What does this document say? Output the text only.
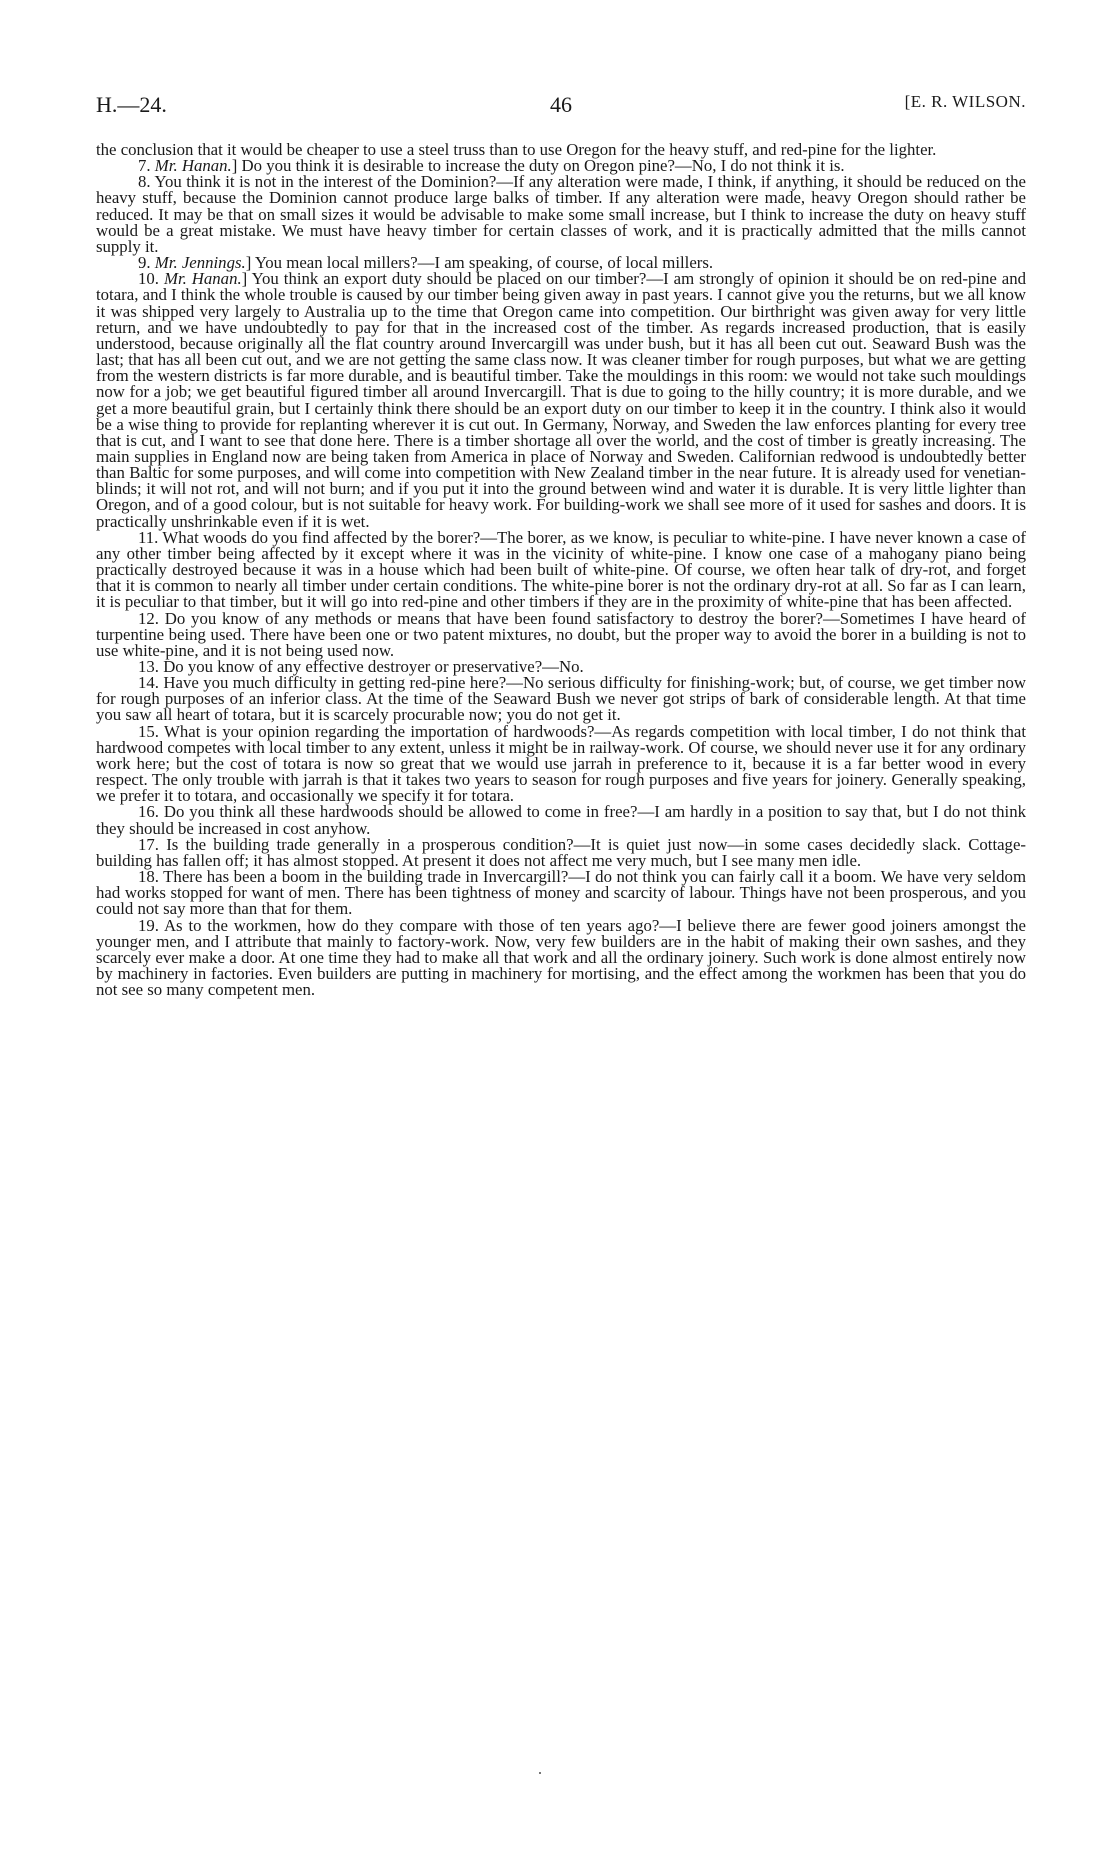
H.—24.	46	[E. R. WILSON.

the conclusion that it would be cheaper to use a steel truss than to use Oregon for the heavy stuff, and red-pine for the lighter.

7. Mr. Hanan.] Do you think it is desirable to increase the duty on Oregon pine?—No, I do not think it is.

8. You think it is not in the interest of the Dominion?—If any alteration were made, I think, if anything, it should be reduced on the heavy stuff, because the Dominion cannot produce large balks of timber. If any alteration were made, heavy Oregon should rather be reduced. It may be that on small sizes it would be advisable to make some small increase, but I think to increase the duty on heavy stuff would be a great mistake. We must have heavy timber for certain classes of work, and it is practically admitted that the mills cannot supply it.

9. Mr. Jennings.] You mean local millers?—I am speaking, of course, of local millers.

10. Mr. Hanan.] You think an export duty should be placed on our timber?—I am strongly of opinion it should be on red-pine and totara, and I think the whole trouble is caused by our timber being given away in past years. I cannot give you the returns, but we all know it was shipped very largely to Australia up to the time that Oregon came into competition. Our birthright was given away for very little return, and we have undoubtedly to pay for that in the increased cost of the timber. As regards increased production, that is easily understood, because originally all the flat country around Invercargill was under bush, but it has all been cut out. Seaward Bush was the last; that has all been cut out, and we are not getting the same class now. It was cleaner timber for rough purposes, but what we are getting from the western districts is far more durable, and is beautiful timber. Take the mouldings in this room: we would not take such mouldings now for a job; we get beautiful figured timber all around Invercargill. That is due to going to the hilly country; it is more durable, and we get a more beautiful grain, but I certainly think there should be an export duty on our timber to keep it in the country. I think also it would be a wise thing to provide for replanting wherever it is cut out. In Germany, Norway, and Sweden the law enforces planting for every tree that is cut, and I want to see that done here. There is a timber shortage all over the world, and the cost of timber is greatly increasing. The main supplies in England now are being taken from America in place of Norway and Sweden. Californian redwood is undoubtedly better than Baltic for some purposes, and will come into competition with New Zealand timber in the near future. It is already used for venetian-blinds; it will not rot, and will not burn; and if you put it into the ground between wind and water it is durable. It is very little lighter than Oregon, and of a good colour, but is not suitable for heavy work. For building-work we shall see more of it used for sashes and doors. It is practically unshrinkable even if it is wet.

11. What woods do you find affected by the borer?—The borer, as we know, is peculiar to white-pine. I have never known a case of any other timber being affected by it except where it was in the vicinity of white-pine. I know one case of a mahogany piano being practically destroyed because it was in a house which had been built of white-pine. Of course, we often hear talk of dry-rot, and forget that it is common to nearly all timber under certain conditions. The white-pine borer is not the ordinary dry-rot at all. So far as I can learn, it is peculiar to that timber, but it will go into red-pine and other timbers if they are in the proximity of white-pine that has been affected.

12. Do you know of any methods or means that have been found satisfactory to destroy the borer?—Sometimes I have heard of turpentine being used. There have been one or two patent mixtures, no doubt, but the proper way to avoid the borer in a building is not to use white-pine, and it is not being used now.

13. Do you know of any effective destroyer or preservative?—No.

14. Have you much difficulty in getting red-pine here?—No serious difficulty for finishing-work; but, of course, we get timber now for rough purposes of an inferior class. At the time of the Seaward Bush we never got strips of bark of considerable length. At that time you saw all heart of totara, but it is scarcely procurable now; you do not get it.

15. What is your opinion regarding the importation of hardwoods?—As regards competition with local timber, I do not think that hardwood competes with local timber to any extent, unless it might be in railway-work. Of course, we should never use it for any ordinary work here; but the cost of totara is now so great that we would use jarrah in preference to it, because it is a far better wood in every respect. The only trouble with jarrah is that it takes two years to season for rough purposes and five years for joinery. Generally speaking, we prefer it to totara, and occasionally we specify it for totara.

16. Do you think all these hardwoods should be allowed to come in free?—I am hardly in a position to say that, but I do not think they should be increased in cost anyhow.

17. Is the building trade generally in a prosperous condition?—It is quiet just now—in some cases decidedly slack. Cottage-building has fallen off; it has almost stopped. At present it does not affect me very much, but I see many men idle.

18. There has been a boom in the building trade in Invercargill?—I do not think you can fairly call it a boom. We have very seldom had works stopped for want of men. There has been tightness of money and scarcity of labour. Things have not been prosperous, and you could not say more than that for them.

19. As to the workmen, how do they compare with those of ten years ago?—I believe there are fewer good joiners amongst the younger men, and I attribute that mainly to factory-work. Now, very few builders are in the habit of making their own sashes, and they scarcely ever make a door. At one time they had to make all that work and all the ordinary joinery. Such work is done almost entirely now by machinery in factories. Even builders are putting in machinery for mortising, and the effect among the workmen has been that you do not see so many competent men.
